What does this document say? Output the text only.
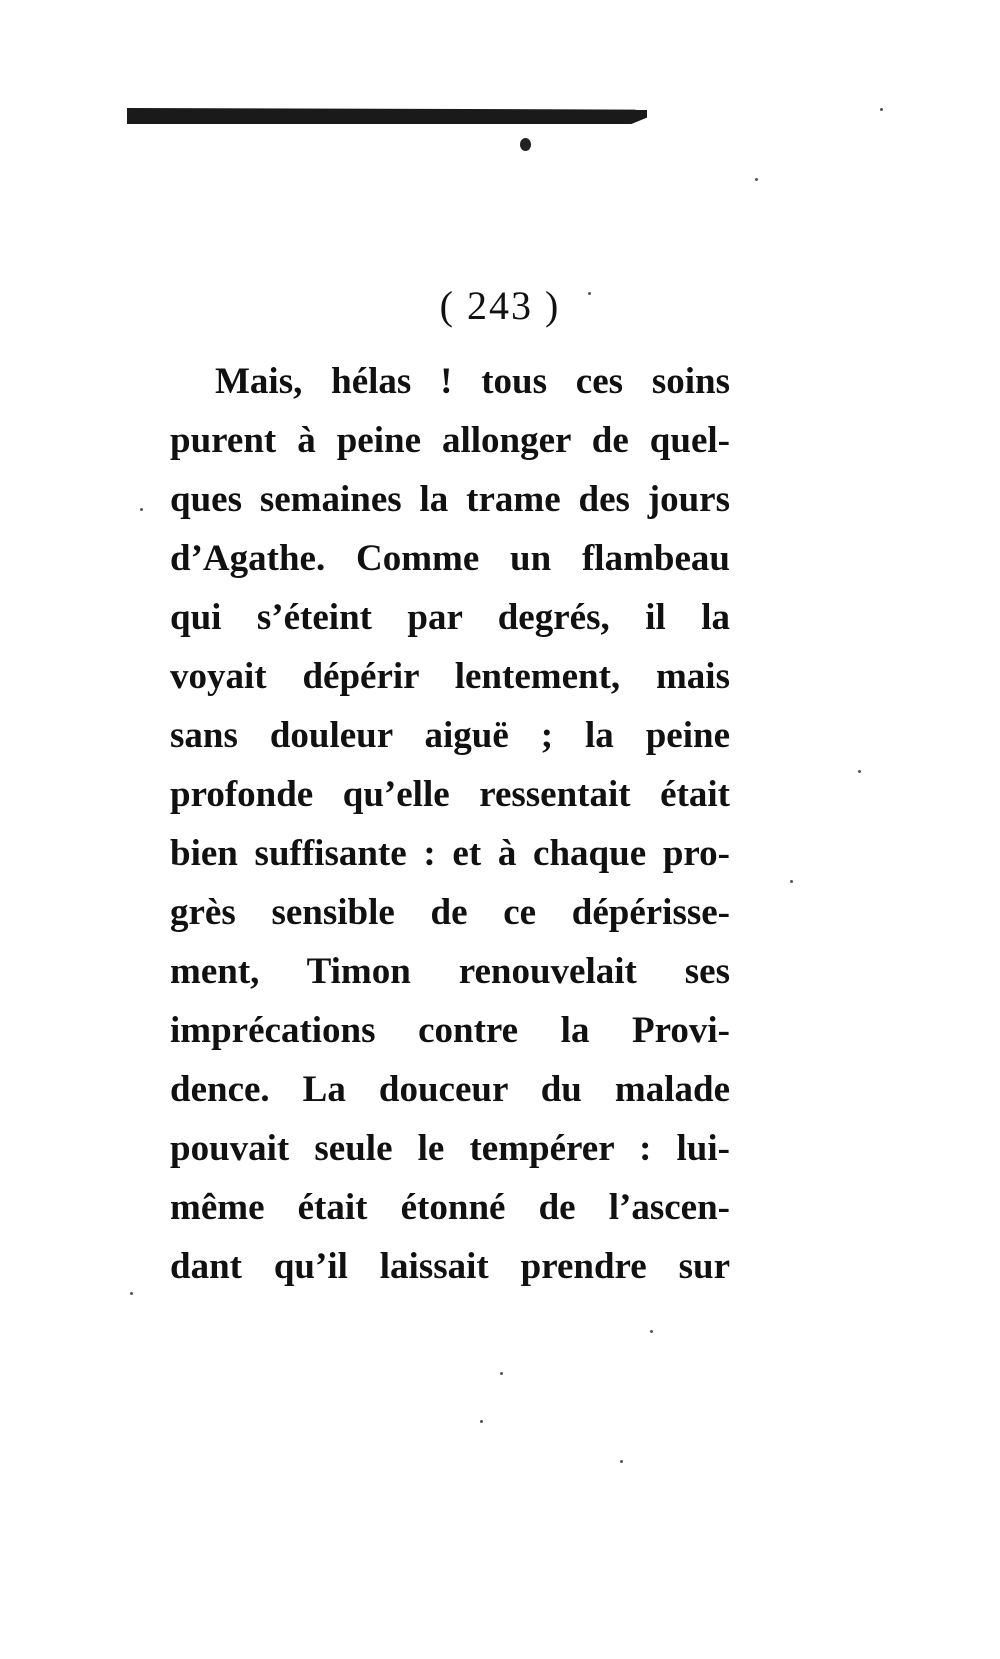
( 243 )
Mais, hélas ! tous ces soins
purent à peine allonger de quel-
ques semaines la trame des jours
d’Agathe. Comme un flambeau
qui s’éteint par degrés, il la
voyait dépérir lentement, mais
sans douleur aiguë ; la peine
profonde qu’elle ressentait était
bien suffisante : et à chaque pro-
grès sensible de ce dépérisse-
ment, Timon renouvelait ses
imprécations contre la Provi-
dence. La douceur du malade
pouvait seule le tempérer : lui-
même était étonné de l’ascen-
dant qu’il laissait prendre sur
